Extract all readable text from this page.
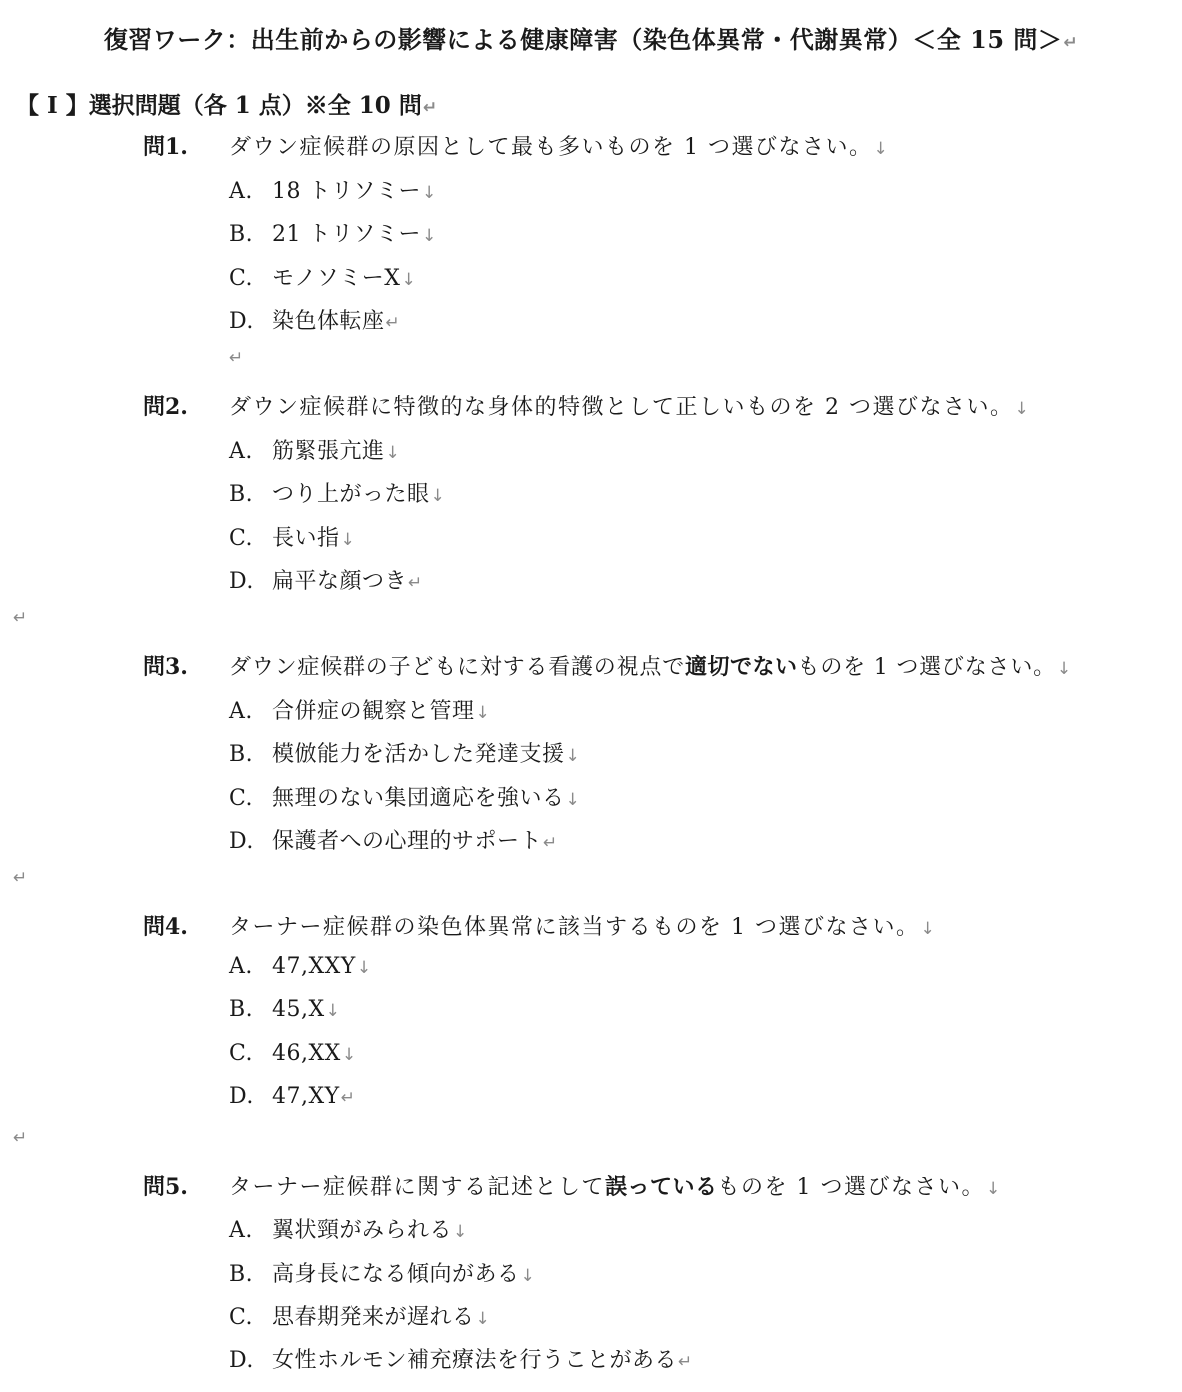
復習ワーク：出生前からの影響による健康障害（染色体異常・代謝異常）＜全 15 問＞↵
【 I 】選択問題（各 1 点）※全 10 問↵
問1. ダウン症候群の原因として最も多いものを 1 つ選びなさい。↓
A. 18 トリソミー↓
B. 21 トリソミー↓
C. モノソミーX↓
D. 染色体転座↵
↵
問2. ダウン症候群に特徴的な身体的特徴として正しいものを 2 つ選びなさい。↓
A. 筋緊張亢進↓
B. つり上がった眼↓
C. 長い指↓
D. 扁平な顔つき↵
↵
問3. ダウン症候群の子どもに対する看護の視点で適切でないものを 1 つ選びなさい。↓
A. 合併症の観察と管理↓
B. 模倣能力を活かした発達支援↓
C. 無理のない集団適応を強いる↓
D. 保護者への心理的サポート↵
↵
問4. ターナー症候群の染色体異常に該当するものを 1 つ選びなさい。↓
A. 47,XXY↓
B. 45,X↓
C. 46,XX↓
D. 47,XY↵
↵
問5. ターナー症候群に関する記述として誤っているものを 1 つ選びなさい。↓
A. 翼状頸がみられる↓
B. 高身長になる傾向がある↓
C. 思春期発来が遅れる↓
D. 女性ホルモン補充療法を行うことがある↵
